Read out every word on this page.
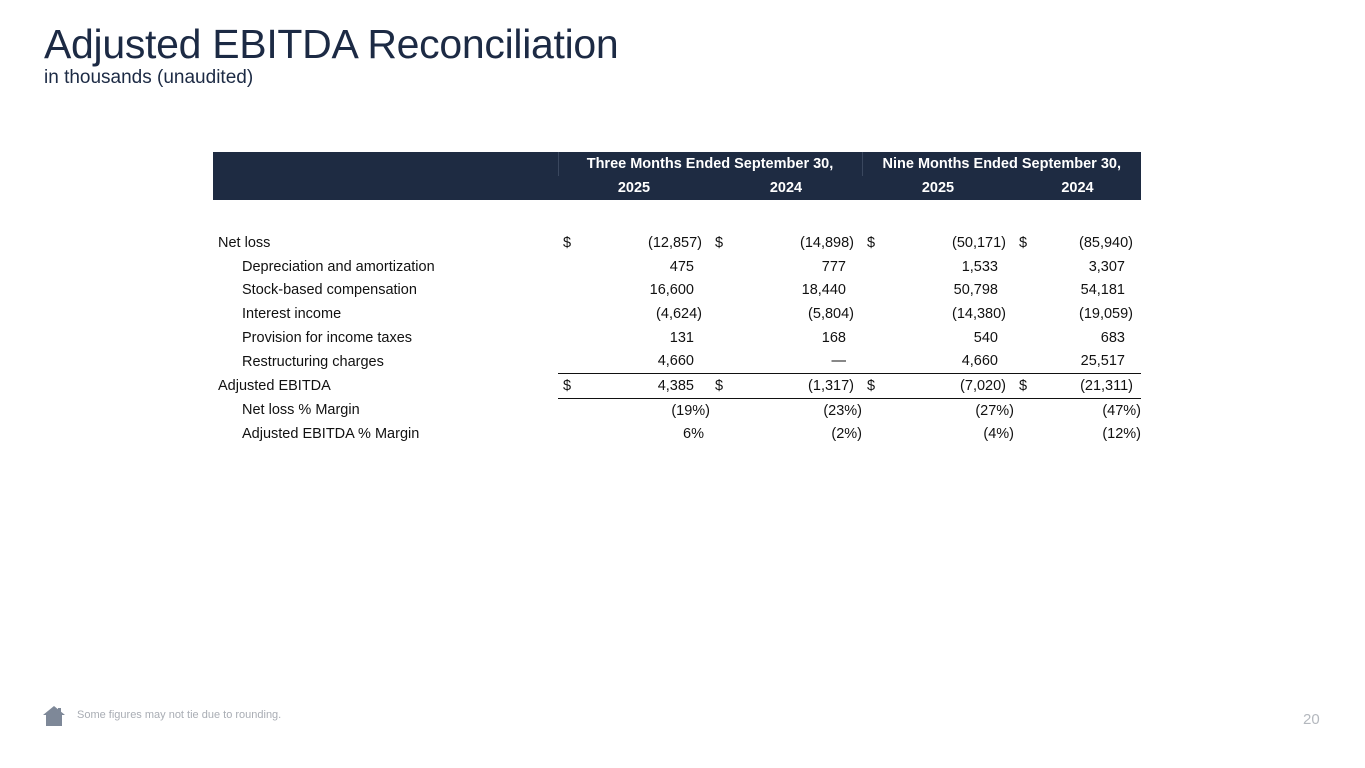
Adjusted EBITDA Reconciliation
in thousands (unaudited)
	Three Months Ended September 30,				Nine Months Ended September 30,			
	2025		2024		2025		2024	

Net loss	$	(12,857)	$	(14,898)	$	(50,171)	$	(85,940)
Depreciation and amortization		475		777		1,533		3,307
Stock-based compensation		16,600		18,440		50,798		54,181
Interest income		(4,624)		(5,804)		(14,380)		(19,059)
Provision for income taxes		131		168		540		683
Restructuring charges		4,660		—		4,660		25,517
Adjusted EBITDA	$	4,385	$	(1,317)	$	(7,020)	$	(21,311)
Net loss % Margin		(19%)		(23%)		(27%)		(47%)
Adjusted EBITDA % Margin		6%		(2%)		(4%)		(12%)
Some figures may not tie due to rounding.	20
